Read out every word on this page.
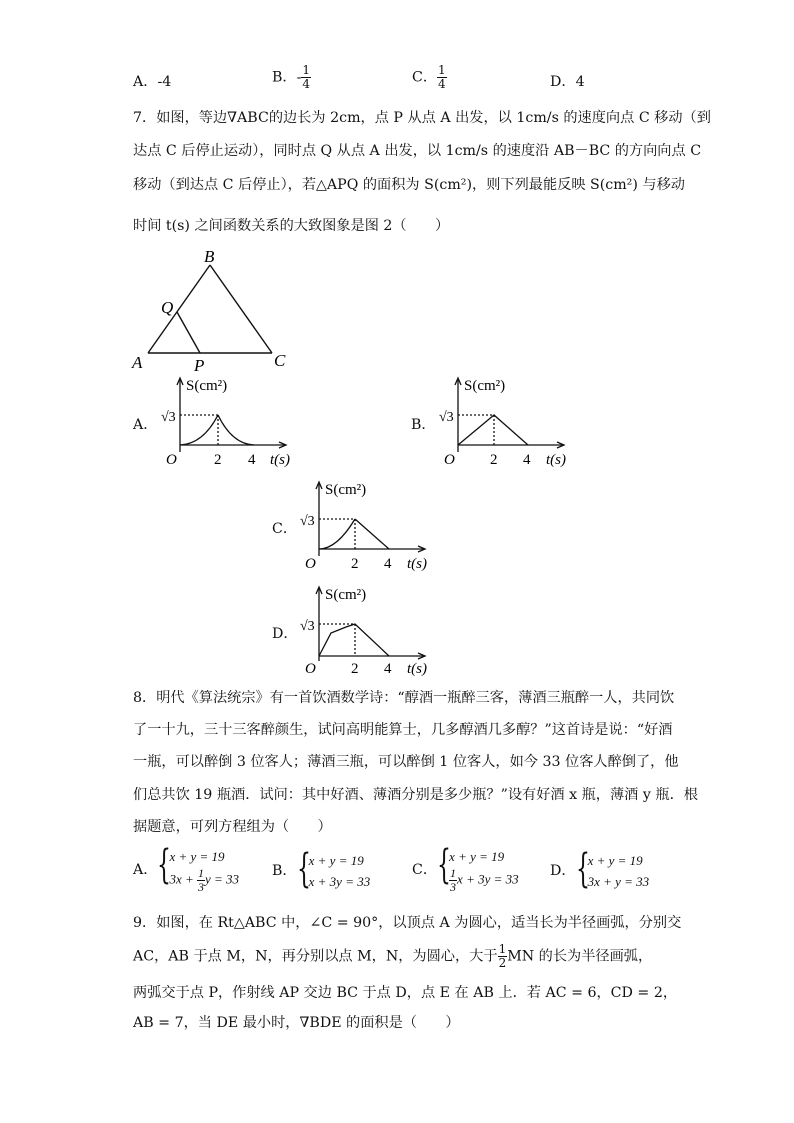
A．-4	B．- $\frac{1}{4}$	C． $\frac{1}{4}$	D．4
7．如图，等边∇ABC的边长为 2cm，点 P 从点 A 出发，以 1cm/s 的速度向点 C 移动（到
达点 C 后停止运动），同时点 Q 从点 A 出发，以 1cm/s 的速度沿 AB－BC 的方向向点 C
移动（到达点 C 后停止），若△APQ 的面积为 S(cm²)，则下列最能反映 S(cm²) 与移动
时间 t(s) 之间函数关系的大致图象是图 2（　　）
B
Q
A	P	C
A．
S(cm²)
√3
O 2 4 t(s)
B．
S(cm²)
√3
O 2 4 t(s)
C．
S(cm²)
√3
O 2 4 t(s)
D．
S(cm²)
√3
O 2 4 t(s)
8．明代《算法统宗》有一首饮酒数学诗：“醇酒一瓶醉三客，薄酒三瓶醉一人，共同饮
了一十九，三十三客醉颜生，试问高明能算士，几多醇酒几多醇？”这首诗是说：“好酒
一瓶，可以醉倒 3 位客人；薄酒三瓶，可以醉倒 1 位客人，如今 33 位客人醉倒了，他
们总共饮 19 瓶酒．试问：其中好酒、薄酒分别是多少瓶？”设有好酒 x 瓶，薄酒 y 瓶．根
据题意，可列方程组为（　　）
A． {
x + y = 19
$3x + \frac{1}{3}$ y = 33 B． {
x + y = 19
x + 3y = 33
C． {
x + y = 19
$\frac{1}{3}$ x + 3y = 33 D． {
x + y = 19
3x + y = 33
9．如图，在 Rt△ABC 中，∠C = 90°，以顶点 A 为圆心，适当长为半径画弧，分别交
AC，AB 于点 M，N，再分别以点 M，N，为圆心，大于 $\frac{1}{2}$ MN 的长为半径画弧，
两弧交于点 P，作射线 AP 交边 BC 于点 D，点 E 在 AB 上．若 AC = 6，CD = 2，
AB = 7，当 DE 最小时，∇BDE 的面积是（　　）
